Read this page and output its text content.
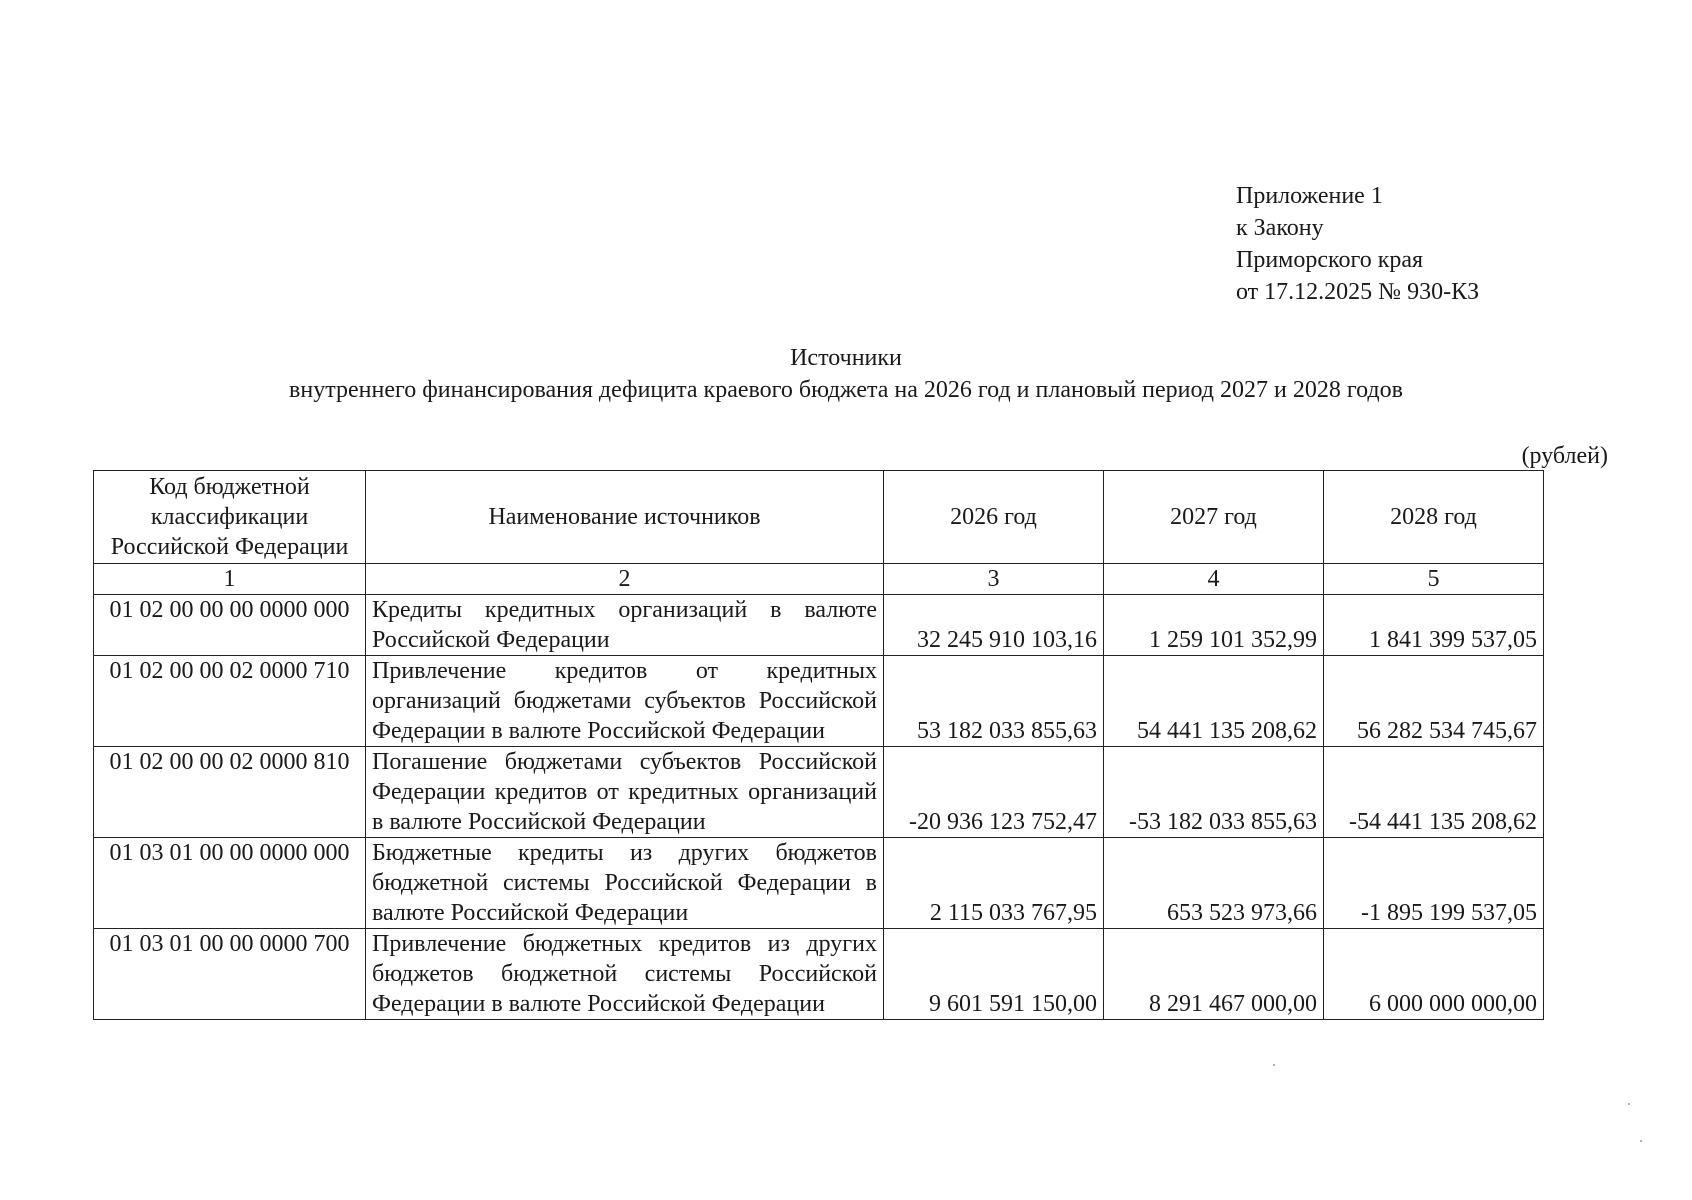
Приложение 1
к Закону
Приморского края
от 17.12.2025 № 930-КЗ
Источники
внутреннего финансирования дефицита краевого бюджета на 2026 год и плановый период 2027 и 2028 годов
(рублей)
Код бюджетной классификации Российской Федерации	Наименование источников	2026 год	2027 год	2028 год
1	2	3	4	5
01 02 00 00 00 0000 000	Кредиты кредитных организаций в валюте Российской Федерации	32 245 910 103,16	1 259 101 352,99	1 841 399 537,05
01 02 00 00 02 0000 710	Привлечение кредитов от кредитных организаций бюджетами субъектов Российской Федерации в валюте Российской Федерации	53 182 033 855,63	54 441 135 208,62	56 282 534 745,67
01 02 00 00 02 0000 810	Погашение бюджетами субъектов Российской Федерации кредитов от кредитных организаций в валюте Российской Федерации	-20 936 123 752,47	-53 182 033 855,63	-54 441 135 208,62
01 03 01 00 00 0000 000	Бюджетные кредиты из других бюджетов бюджетной системы Российской Федерации в валюте Российской Федерации	2 115 033 767,95	653 523 973,66	-1 895 199 537,05
01 03 01 00 00 0000 700	Привлечение бюджетных кредитов из других бюджетов бюджетной системы Российской Федерации в валюте Российской Федерации	9 601 591 150,00	8 291 467 000,00	6 000 000 000,00
